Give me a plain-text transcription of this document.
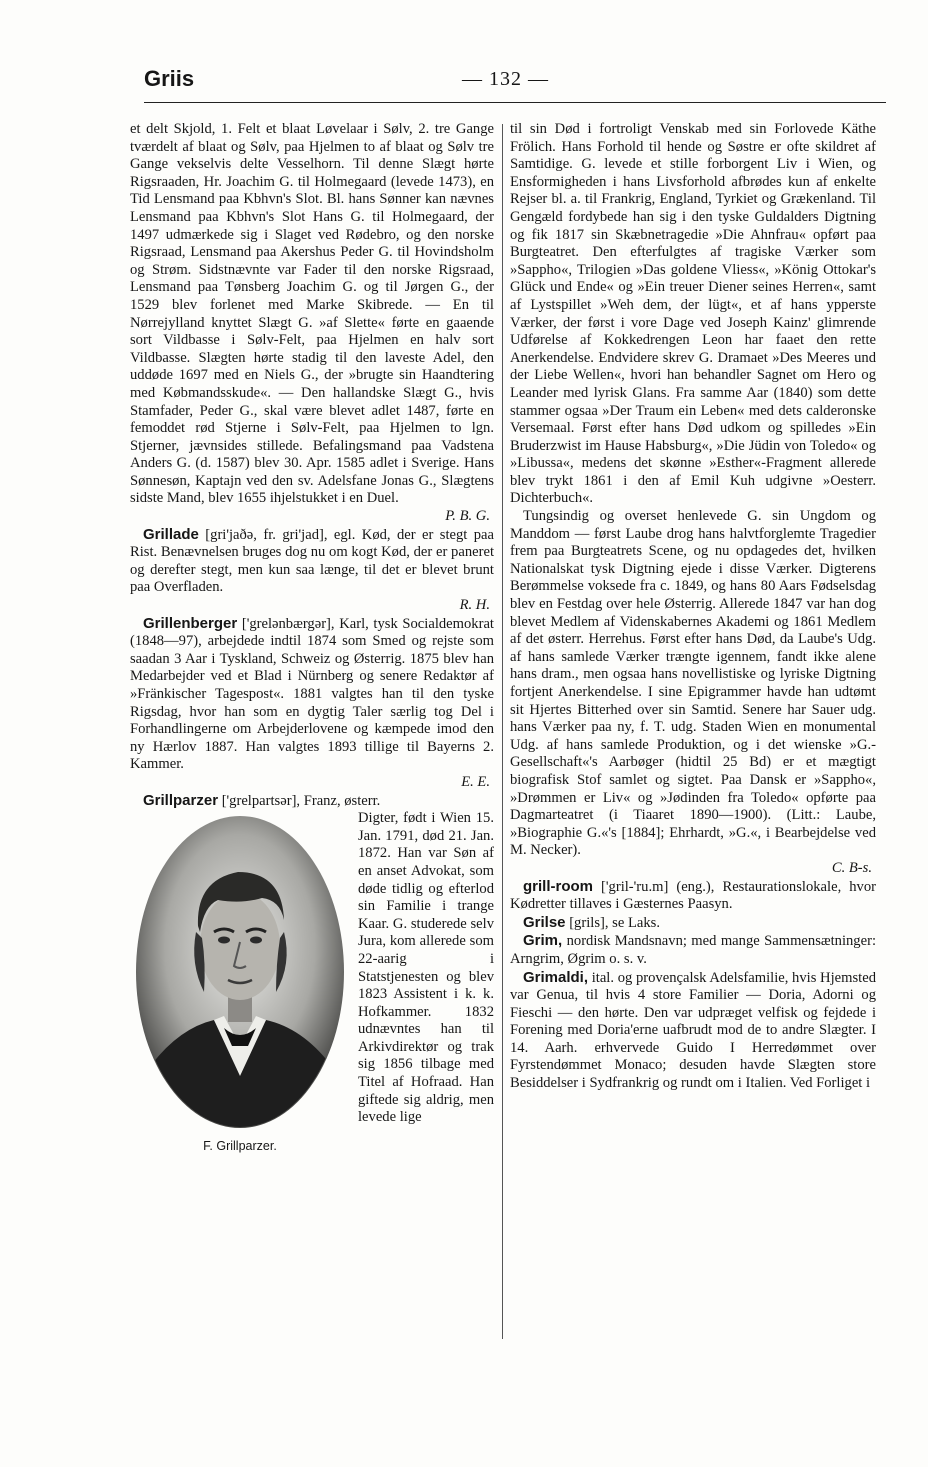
Griis	— 132 —

et delt Skjold, 1. Felt et blaat Løvelaar i Sølv, 2. tre Gange tværdelt af blaat og Sølv, paa Hjelmen to af blaat og Sølv tre Gange vekselvis delte Vesselhorn. Til denne Slægt hørte Rigsraaden, Hr. Joachim G. til Holmegaard (levede 1473), en Tid Lensmand paa Kbhvn's Slot. Bl. hans Sønner kan nævnes Lensmand paa Kbhvn's Slot Hans G. til Holmegaard, der 1497 udmærkede sig i Slaget ved Rødebro, og den norske Rigsraad, Lensmand paa Akershus Peder G. til Hovindsholm og Strøm. Sidstnævnte var Fader til den norske Rigsraad, Lensmand paa Tønsberg Joachim G. og til Jørgen G., der 1529 blev forlenet med Marke Skibrede. — En til Nørrejylland knyttet Slægt G. »af Slette« førte en gaaende sort Vildbasse i Sølv-Felt, paa Hjelmen en halv sort Vildbasse. Slægten hørte stadig til den laveste Adel, den uddøde 1697 med en Niels G., der »brugte sin Haandtering med Købmandsskude«. — Den hallandske Slægt G., hvis Stamfader, Peder G., skal være blevet adlet 1487, førte en femoddet rød Stjerne i Sølv-Felt, paa Hjelmen to lgn. Stjerner, jævnsides stillede. Befalingsmand paa Vadstena Anders G. (d. 1587) blev 30. Apr. 1585 adlet i Sverige. Hans Sønnesøn, Kaptajn ved den sv. Adelsfane Jonas G., Slægtens sidste Mand, blev 1655 ihjelstukket i en Duel.

P. B. G.

Grillade [gri'jaðə, fr. gri'jad], egl. Kød, der er stegt paa Rist. Benævnelsen bruges dog nu om kogt Kød, der er paneret og derefter stegt, men kun saa længe, til det er blevet brunt paa Overfladen.

R. H.

Grillenberger ['grelənbærgər], Karl, tysk Socialdemokrat (1848—97), arbejdede indtil 1874 som Smed og rejste som saadan 3 Aar i Tyskland, Schweiz og Østerrig. 1875 blev han Medarbejder ved et Blad i Nürnberg og senere Redaktør af »Fränkischer Tagespost«. 1881 valgtes han til den tyske Rigsdag, hvor han som en dygtig Taler særlig tog Del i Forhandlingerne om Arbejderlovene og kæmpede imod den ny Hærlov 1887. Han valgtes 1893 tillige til Bayerns 2. Kammer.

E. E.

Grillparzer ['grelpartsər], Franz, østerr.

F. Grillparzer.

Digter, født i Wien 15. Jan. 1791, død 21. Jan. 1872. Han var Søn af en anset Advokat, som døde tidlig og efterlod sin Familie i trange Kaar. G. studerede selv Jura, kom allerede som 22-aarig i Statstjenesten og blev 1823 Assistent i k. k. Hofkammer. 1832 udnævntes han til Arkivdirektør og trak sig 1856 tilbage med Titel af Hofraad. Han giftede sig aldrig, men levede lige

til sin Død i fortroligt Venskab med sin Forlovede Käthe Frölich. Hans Forhold til hende og Søstre er ofte skildret af Samtidige. G. levede et stille forborgent Liv i Wien, og Ensformigheden i hans Livsforhold afbrødes kun af enkelte Rejser bl. a. til Frankrig, England, Tyrkiet og Grækenland. Til Gengæld fordybede han sig i den tyske Guldalders Digtning og fik 1817 sin Skæbnetragedie »Die Ahnfrau« opført paa Burgteatret. Den efterfulgtes af tragiske Værker som »Sappho«, Trilogien »Das goldene Vliess«, »König Ottokar's Glück und Ende« og »Ein treuer Diener seines Herren«, samt af Lystspillet »Weh dem, der lügt«, et af hans ypperste Værker, der først i vore Dage ved Joseph Kainz' glimrende Udførelse af Kokkedrengen Leon har faaet den rette Anerkendelse. Endvidere skrev G. Dramaet »Des Meeres und der Liebe Wellen«, hvori han behandler Sagnet om Hero og Leander med lyrisk Glans. Fra samme Aar (1840) som dette stammer ogsaa »Der Traum ein Leben« med dets calderonske Versemaal. Først efter hans Død udkom og spilledes »Ein Bruderzwist im Hause Habsburg«, »Die Jüdin von Toledo« og »Libussa«, medens det skønne »Esther«-Fragment allerede blev trykt 1861 i den af Emil Kuh udgivne »Oesterr. Dichterbuch«.

Tungsindig og overset henlevede G. sin Ungdom og Manddom — først Laube drog hans halvtforglemte Tragedier frem paa Burgteatrets Scene, og nu opdagedes det, hvilken Nationalskat tysk Digtning ejede i disse Værker. Digterens Berømmelse voksede fra c. 1849, og hans 80 Aars Fødselsdag blev en Festdag over hele Østerrig. Allerede 1847 var han dog blevet Medlem af Videnskabernes Akademi og 1861 Medlem af det østerr. Herrehus. Først efter hans Død, da Laube's Udg. af hans samlede Værker trængte igennem, fandt ikke alene hans dram., men ogsaa hans novellistiske og lyriske Digtning fortjent Anerkendelse. I sine Epigrammer havde han udtømt sit Hjertes Bitterhed over sin Samtid. Senere har Sauer udg. hans Værker paa ny, f. T. udg. Staden Wien en monumental Udg. af hans samlede Produktion, og i det wienske »G.-Gesellschaft«'s Aarbøger (hidtil 25 Bd) er et mægtigt biografisk Stof samlet og sigtet. Paa Dansk er »Sappho«, »Drømmen er Liv« og »Jødinden fra Toledo« opførte paa Dagmarteatret (i Tiaaret 1890—1900). (Litt.: Laube, »Biographie G.«'s [1884]; Ehrhardt, »G.«, i Bearbejdelse ved M. Necker).

C. B-s.

grill-room ['gril-'ru.m] (eng.), Restaurationslokale, hvor Kødretter tillaves i Gæsternes Paasyn.

Grilse [grils], se Laks.

Grim, nordisk Mandsnavn; med mange Sammensætninger: Arngrim, Øgrim o. s. v.

Grimaldi, ital. og provençalsk Adelsfamilie, hvis Hjemsted var Genua, til hvis 4 store Familier — Doria, Adorni og Fieschi — den hørte. Den var udpræget velfisk og fejdede i Forening med Doria'erne uafbrudt mod de to andre Slægter. I 14. Aarh. erhvervede Guido I Herredømmet over Fyrstendømmet Monaco; desuden havde Slægten store Besiddelser i Sydfrankrig og rundt om i Italien. Ved Forliget i
